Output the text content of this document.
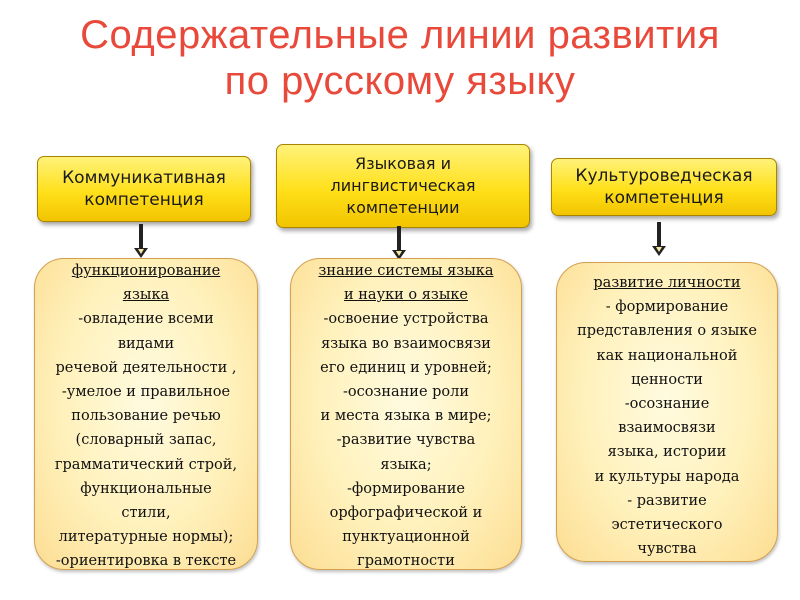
Содержательные линии развития
по русскому языку
Коммуникативная
компетенция
функционирование
языка
-овладение всеми
видами
речевой деятельности ,
-умелое и правильное
пользование речью
(словарный запас,
грамматический строй,
функциональные
стили,
литературные нормы);
-ориентировка в тексте
Языковая и
лингвистическая
компетенции
знание системы языка
и науки о языке
-освоение устройства
языка во взаимосвязи
его единиц и уровней;
-осознание роли
и места языка в мире;
-развитие чувства
языка;
-формирование
орфографической и
пунктуационной
грамотности
Культуроведческая
компетенция
развитие личности
- формирование
представления о языке
как национальной
ценности
-осознание
взаимосвязи
языка, истории
и культуры народа
- развитие
эстетического
чувства
